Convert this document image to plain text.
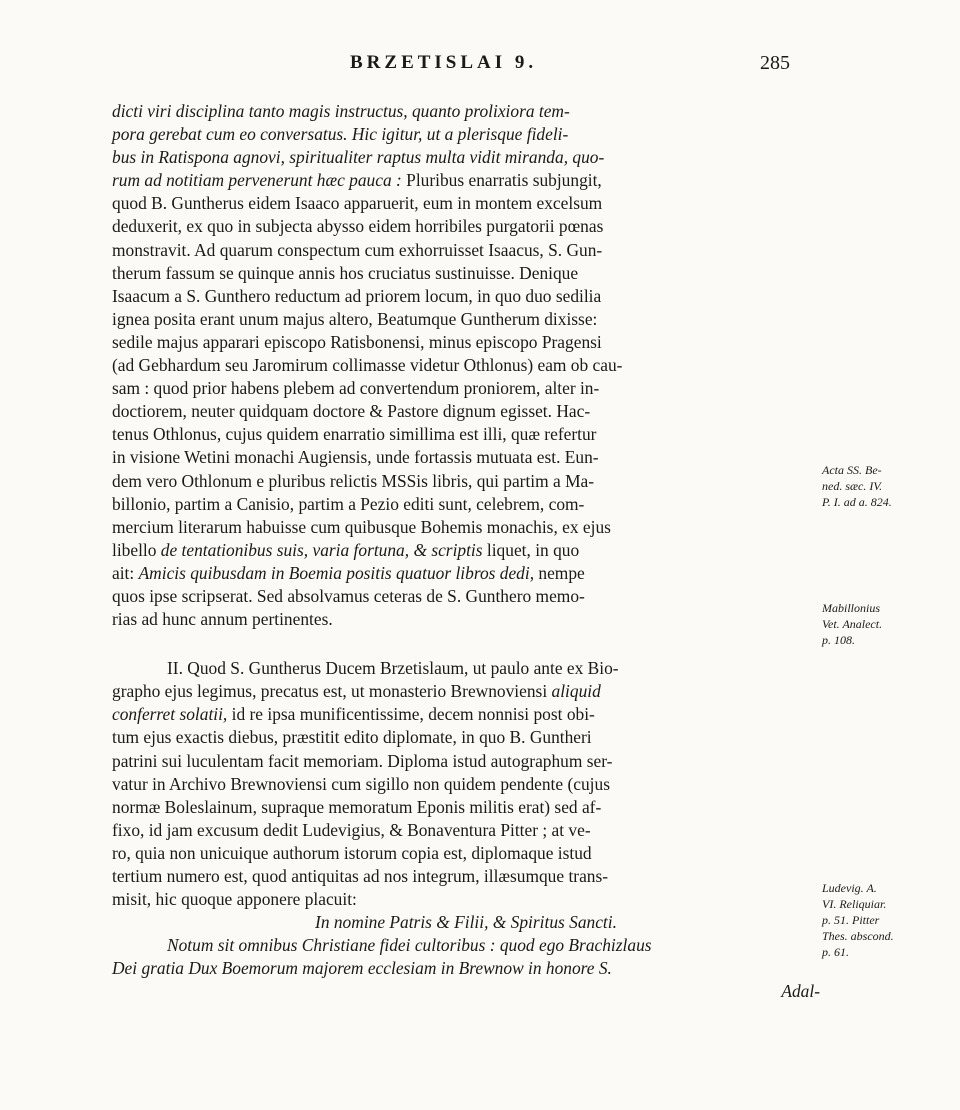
BRZETISLAI 9.	285
dicti viri disciplina tanto magis instructus, quanto prolixiora tem-
pora gerebat cum eo conversatus. Hic igitur, ut a plerisque fideli-
bus in Ratispona agnovi, spiritualiter raptus multa vidit miranda, quo-
rum ad notitiam pervenerunt hæc pauca : Pluribus enarratis subjungit,
quod B. Guntherus eidem Isaaco apparuerit, eum in montem excelsum
deduxerit, ex quo in subjecta abysso eidem horribiles purgatorii pœnas
monstravit. Ad quarum conspectum cum exhorruisset Isaacus, S. Gun-
therum fassum se quinque annis hos cruciatus sustinuisse. Denique
Isaacum a S. Gunthero reductum ad priorem locum, in quo duo sedilia
ignea posita erant unum majus altero, Beatumque Guntherum dixisse:
sedile majus apparari episcopo Ratisbonensi, minus episcopo Pragensi
(ad Gebhardum seu Jaromirum collimasse videtur Othlonus) eam ob cau-
sam : quod prior habens plebem ad convertendum proniorem, alter in-
doctiorem, neuter quidquam doctore & Pastore dignum egisset. Hac-
tenus Othlonus, cujus quidem enarratio simillima est illi, quæ refertur
in visione Wetini monachi Augiensis, unde fortassis mutuata est. Eun-
dem vero Othlonum e pluribus relictis MSSis libris, qui partim a Ma-
billonio, partim a Canisio, partim a Pezio editi sunt, celebrem, com-
mercium literarum habuisse cum quibusque Bohemis monachis, ex ejus
libello de tentationibus suis, varia fortuna, & scriptis liquet, in quo
ait: Amicis quibusdam in Boemia positis quatuor libros dedi, nempe
quos ipse scripserat. Sed absolvamus ceteras de S. Gunthero memo-
rias ad hunc annum pertinentes.
II. Quod S. Guntherus Ducem Brzetislaum, ut paulo ante ex Bio-
grapho ejus legimus, precatus est, ut monasterio Brewnoviensi aliquid
conferret solatii, id re ipsa munificentissime, decem nonnisi post obi-
tum ejus exactis diebus, præstitit edito diplomate, in quo B. Guntheri
patrini sui luculentam facit memoriam. Diploma istud autographum ser-
vatur in Archivo Brewnoviensi cum sigillo non quidem pendente (cujus
normæ Boleslainum, supraque memoratum Eponis militis erat) sed af-
fixo, id jam excusum dedit Ludevigius, & Bonaventura Pitter ; at ve-
ro, quia non unicuique authorum istorum copia est, diplomaque istud
tertium numero est, quod antiquitas ad nos integrum, illæsumque trans-
misit, hic quoque apponere placuit:
In nomine Patris & Filii, & Spiritus Sancti.
Notum sit omnibus Christiane fidei cultoribus : quod ego Brachizlaus
Dei gratia Dux Boemorum majorem ecclesiam in Brewnow in honore S.
Adal-
Acta SS. Be-
ned. sæc. IV.
P. I. ad a. 824.
Mabillonius
Vet. Analect.
p. 108.
Ludevig. A.
VI. Reliquiar.
p. 51. Pitter
Thes. abscond.
p. 61.
